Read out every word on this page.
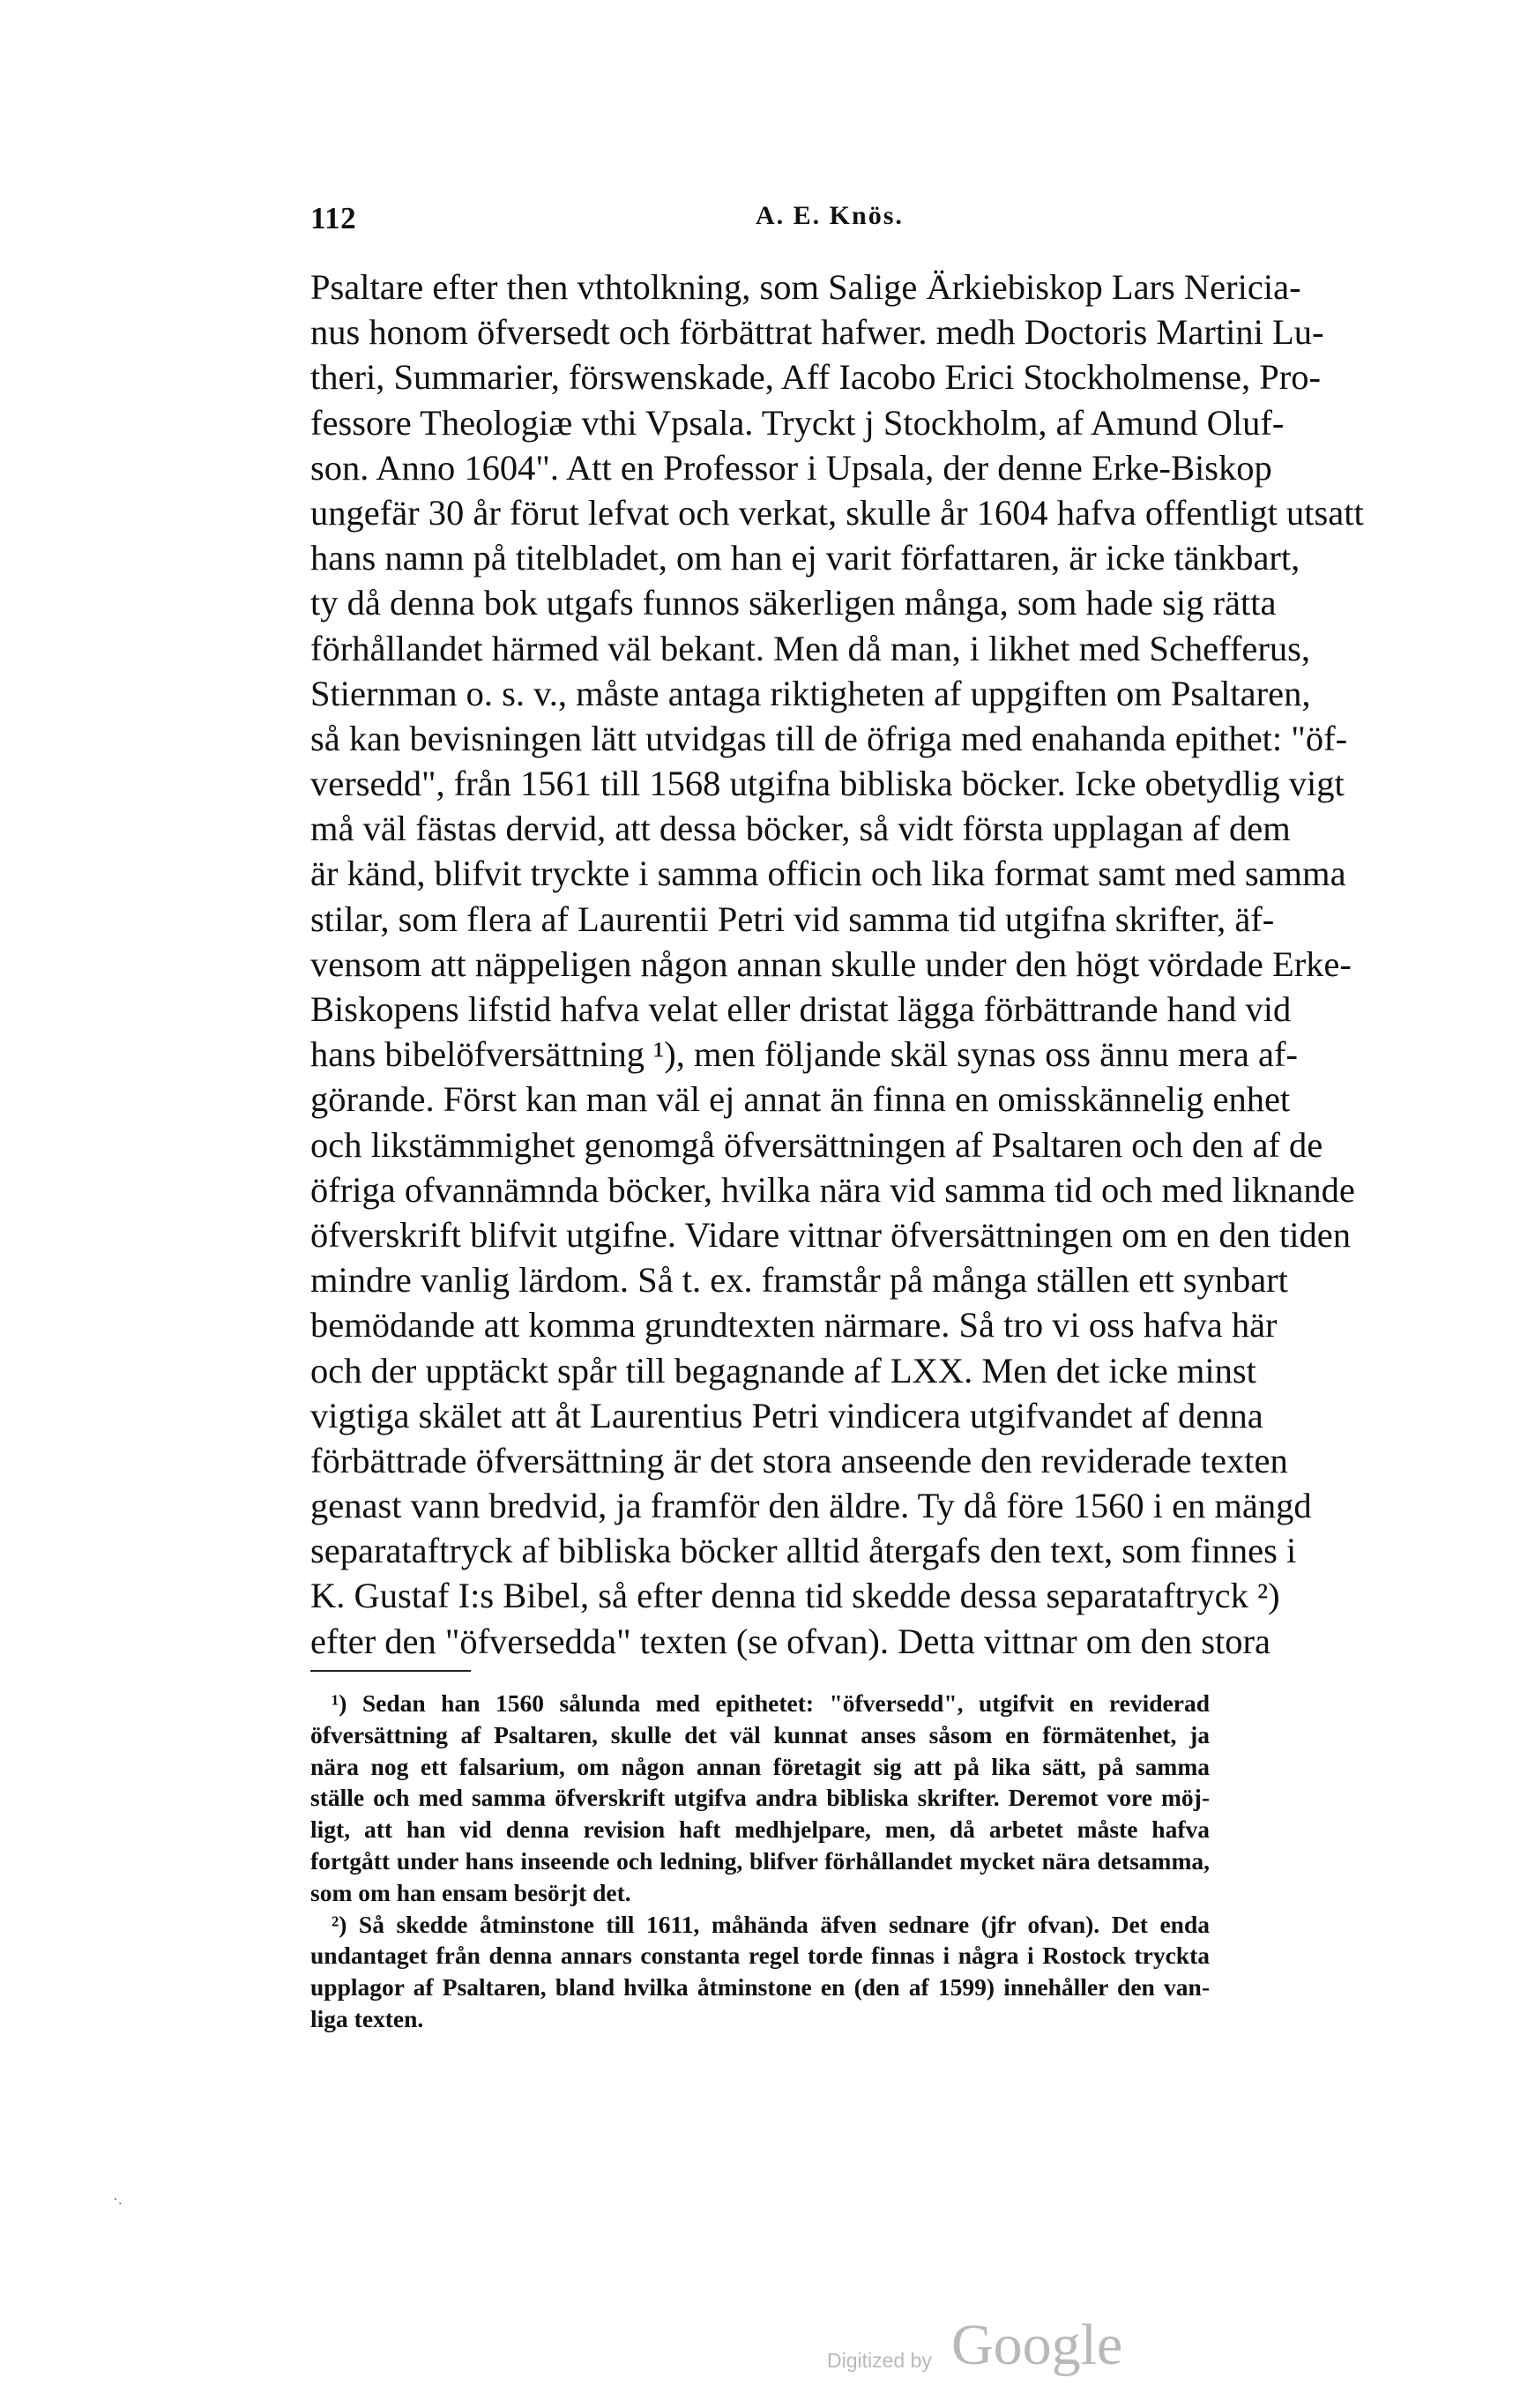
112	A. E. Knös.
Psaltare efter then vthtolkning, som Salige Ärkiebiskop Lars Nericia-
nus honom öfversedt och förbättrat hafwer. medh Doctoris Martini Lu-
theri, Summarier, förswenskade, Aff Iacobo Erici Stockholmense, Pro-
fessore Theologiæ vthi Vpsala. Tryckt j Stockholm, af Amund Oluf-
son. Anno 1604". Att en Professor i Upsala, der denne Erke-Biskop
ungefär 30 år förut lefvat och verkat, skulle år 1604 hafva offentligt utsatt
hans namn på titelbladet, om han ej varit författaren, är icke tänkbart,
ty då denna bok utgafs funnos säkerligen många, som hade sig rätta
förhållandet härmed väl bekant. Men då man, i likhet med Schefferus,
Stiernman o. s. v., måste antaga riktigheten af uppgiften om Psaltaren,
så kan bevisningen lätt utvidgas till de öfriga med enahanda epithet: "öf-
versedd", från 1561 till 1568 utgifna bibliska böcker. Icke obetydlig vigt
må väl fästas dervid, att dessa böcker, så vidt första upplagan af dem
är känd, blifvit tryckte i samma officin och lika format samt med samma
stilar, som flera af Laurentii Petri vid samma tid utgifna skrifter, äf-
vensom att näppeligen någon annan skulle under den högt vördade Erke-
Biskopens lifstid hafva velat eller dristat lägga förbättrande hand vid
hans bibelöfversättning ¹), men följande skäl synas oss ännu mera af-
görande. Först kan man väl ej annat än finna en omisskännelig enhet
och likstämmighet genomgå öfversättningen af Psaltaren och den af de
öfriga ofvannämnda böcker, hvilka nära vid samma tid och med liknande
öfverskrift blifvit utgifne. Vidare vittnar öfversättningen om en den tiden
mindre vanlig lärdom. Så t. ex. framstår på många ställen ett synbart
bemödande att komma grundtexten närmare. Så tro vi oss hafva här
och der upptäckt spår till begagnande af LXX. Men det icke minst
vigtiga skälet att åt Laurentius Petri vindicera utgifvandet af denna
förbättrade öfversättning är det stora anseende den reviderade texten
genast vann bredvid, ja framför den äldre. Ty då före 1560 i en mängd
separataftryck af bibliska böcker alltid återgafs den text, som finnes i
K. Gustaf I:s Bibel, så efter denna tid skedde dessa separataftryck ²)
efter den "öfversedda" texten (se ofvan). Detta vittnar om den stora
¹) Sedan han 1560 sålunda med epithetet: "öfversedd", utgifvit en reviderad
öfversättning af Psaltaren, skulle det väl kunnat anses såsom en förmätenhet, ja
nära nog ett falsarium, om någon annan företagit sig att på lika sätt, på samma
ställe och med samma öfverskrift utgifva andra bibliska skrifter. Deremot vore möj-
ligt, att han vid denna revision haft medhjelpare, men, då arbetet måste hafva
fortgått under hans inseende och ledning, blifver förhållandet mycket nära detsamma,
som om han ensam besörjt det.
²) Så skedde åtminstone till 1611, måhända äfven sednare (jfr ofvan). Det enda
undantaget från denna annars constanta regel torde finnas i några i Rostock tryckta
upplagor af Psaltaren, bland hvilka åtminstone en (den af 1599) innehåller den van-
liga texten.
·.
Digitized by Google
